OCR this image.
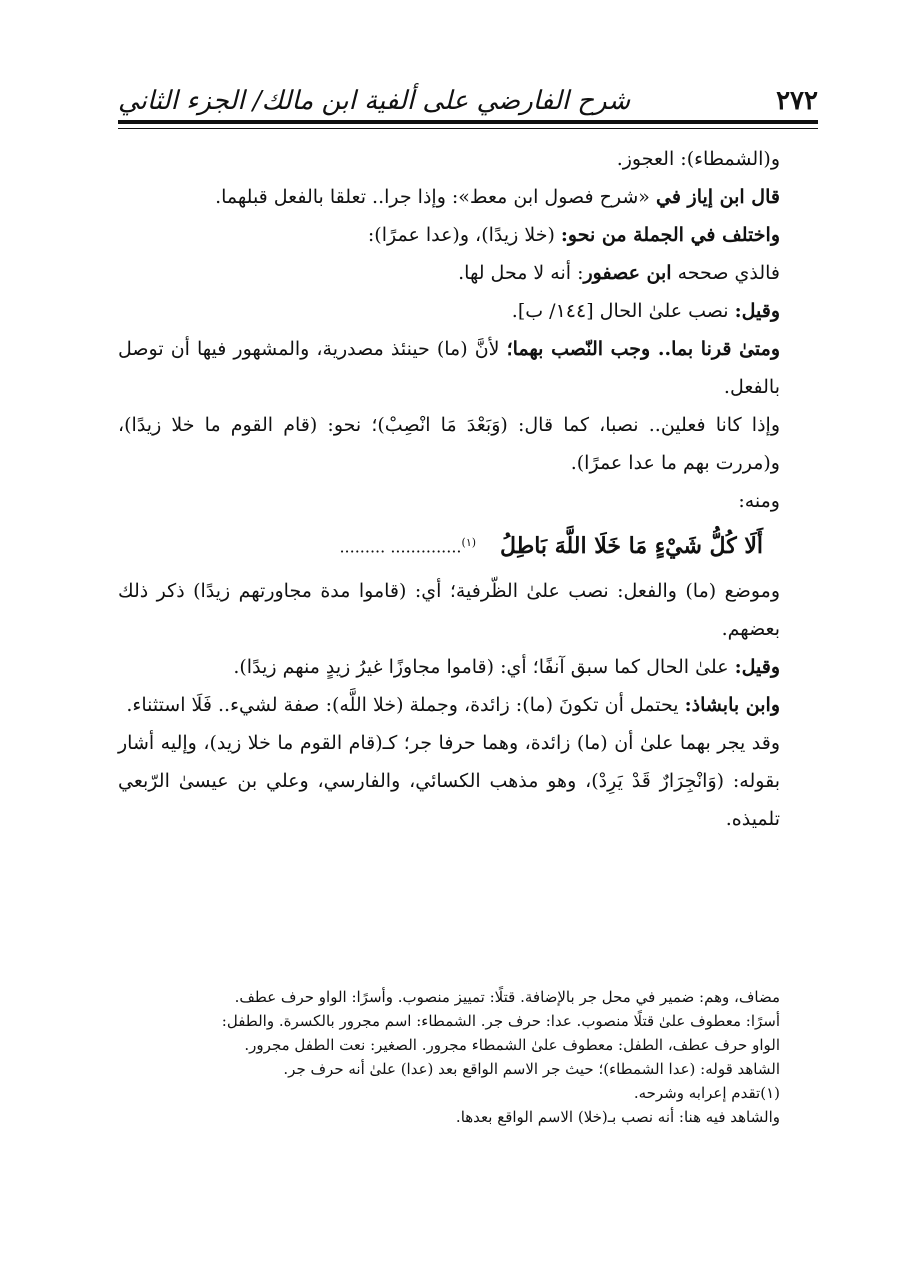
٢٧٢
شرح الفارضي على ألفية ابن مالك/ الجزء الثاني

و(الشمطاء): العجوز.

قال ابن إياز في «شرح فصول ابن معط»: وإذا جرا.. تعلقا بالفعل قبلهما.

واختلف في الجملة من نحو: (خلا زيدًا)، و(عدا عمرًا):

فالذي صححه ابن عصفور: أنه لا محل لها.

وقيل: نصب علىٰ الحال [١٤٤/ ب].

ومتىٰ قرنا بما.. وجب النّصب بهما؛ لأنَّ (ما) حينئذ مصدرية، والمشهور فيها أن توصل بالفعل.

وإذا كانا فعلين.. نصبا، كما قال: (وَبَعْدَ مَا انْصِبْ)؛ نحو: (قام القوم ما خلا زيدًا)، و(مررت بهم ما عدا عمرًا).

ومنه:

أَلَا كُلُّ شَيْءٍ مَا خَلَا اللَّهَ بَاطِلُ
......... ..............$^{(١)}$

وموضع (ما) والفعل: نصب علىٰ الظّرفية؛ أي: (قاموا مدة مجاورتهم زيدًا) ذكر ذلك بعضهم.

وقيل: علىٰ الحال كما سبق آنفًا؛ أي: (قاموا مجاوزًا غيرُ زيدٍ منهم زيدًا).

وابن بابشاذ: يحتمل أن تكونَ (ما): زائدة، وجملة (خلا اللَّه): صفة لشيء.. فَلَا استثناء.

وقد يجر بهما علىٰ أن (ما) زائدة، وهما حرفا جر؛ كـ(قام القوم ما خلا زيد)، وإليه أشار بقوله: (وَانْجِرَارٌ قَدْ يَرِدْ)، وهو مذهب الكسائي، والفارسي، وعلي بن عيسىٰ الرّبعي تلميذه.

مضاف، وهم: ضمير في محل جر بالإضافة. قتلًا: تمييز منصوب. وأسرًا: الواو حرف عطف.

أسرًا: معطوف علىٰ قتلًا منصوب. عدا: حرف جر. الشمطاء: اسم مجرور بالكسرة. والطفل:

الواو حرف عطف، الطفل: معطوف علىٰ الشمطاء مجرور. الصغير: نعت الطفل مجرور.

الشاهد قوله: (عدا الشمطاء)؛ حيث جر الاسم الواقع بعد (عدا) علىٰ أنه حرف جر.

(١)تقدم إعرابه وشرحه.

والشاهد فيه هنا: أنه نصب بـ(خلا) الاسم الواقع بعدها.
